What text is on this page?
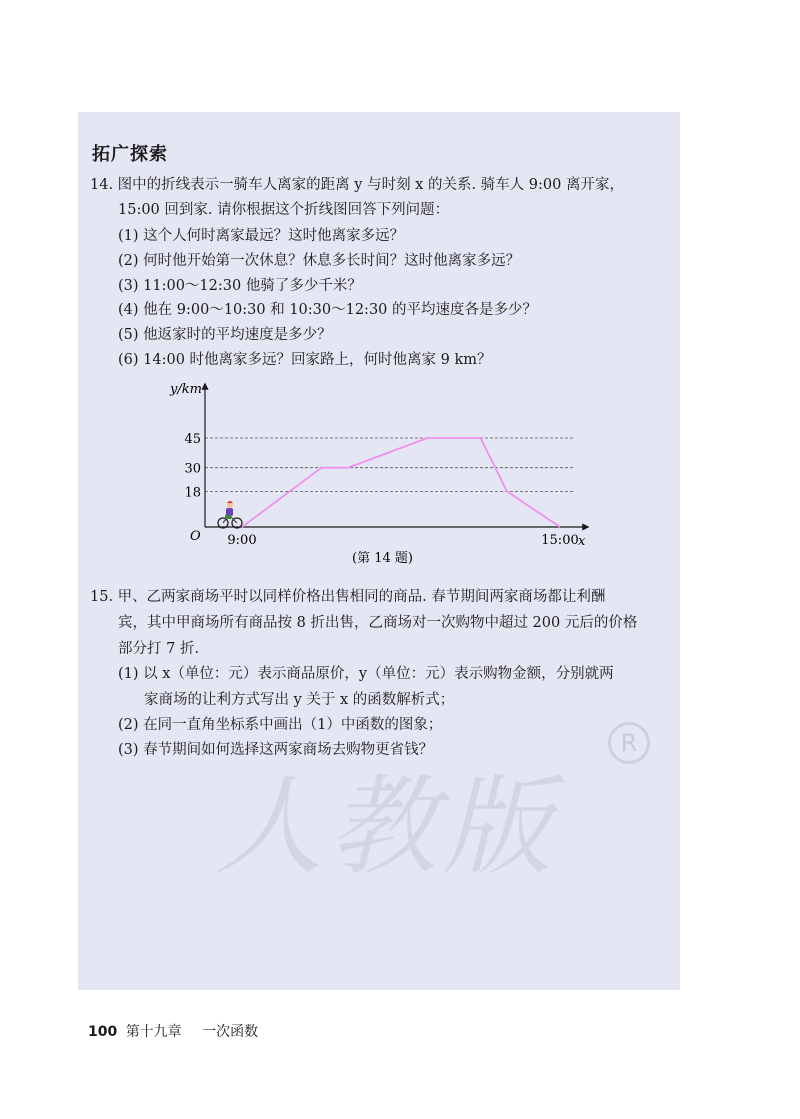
人教版
R
拓广探索
14. 图中的折线表示一骑车人离家的距离 y 与时刻 x 的关系. 骑车人 9:00 离开家，
15:00 回到家. 请你根据这个折线图回答下列问题：
(1) 这个人何时离家最远？这时他离家多远？
(2) 何时他开始第一次休息？休息多长时间？这时他离家多远？
(3) 11:00～12:30 他骑了多少千米？
(4) 他在 9:00～10:30 和 10:30～12:30 的平均速度各是多少？
(5) 他返家时的平均速度是多少？
(6) 14:00 时他离家多远？回家路上，何时他离家 9 km？
y/km
x
O 9:00	15:00
18
30
45
(第 14 题)
15. 甲、乙两家商场平时以同样价格出售相同的商品. 春节期间两家商场都让利酬
宾，其中甲商场所有商品按 8 折出售，乙商场对一次购物中超过 200 元后的价格
部分打 7 折.
(1) 以 x（单位：元）表示商品原价，y（单位：元）表示购物金额，分别就两
家商场的让利方式写出 y 关于 x 的函数解析式；
(2) 在同一直角坐标系中画出（1）中函数的图象；
(3) 春节期间如何选择这两家商场去购物更省钱？
100 第十九章 一次函数
